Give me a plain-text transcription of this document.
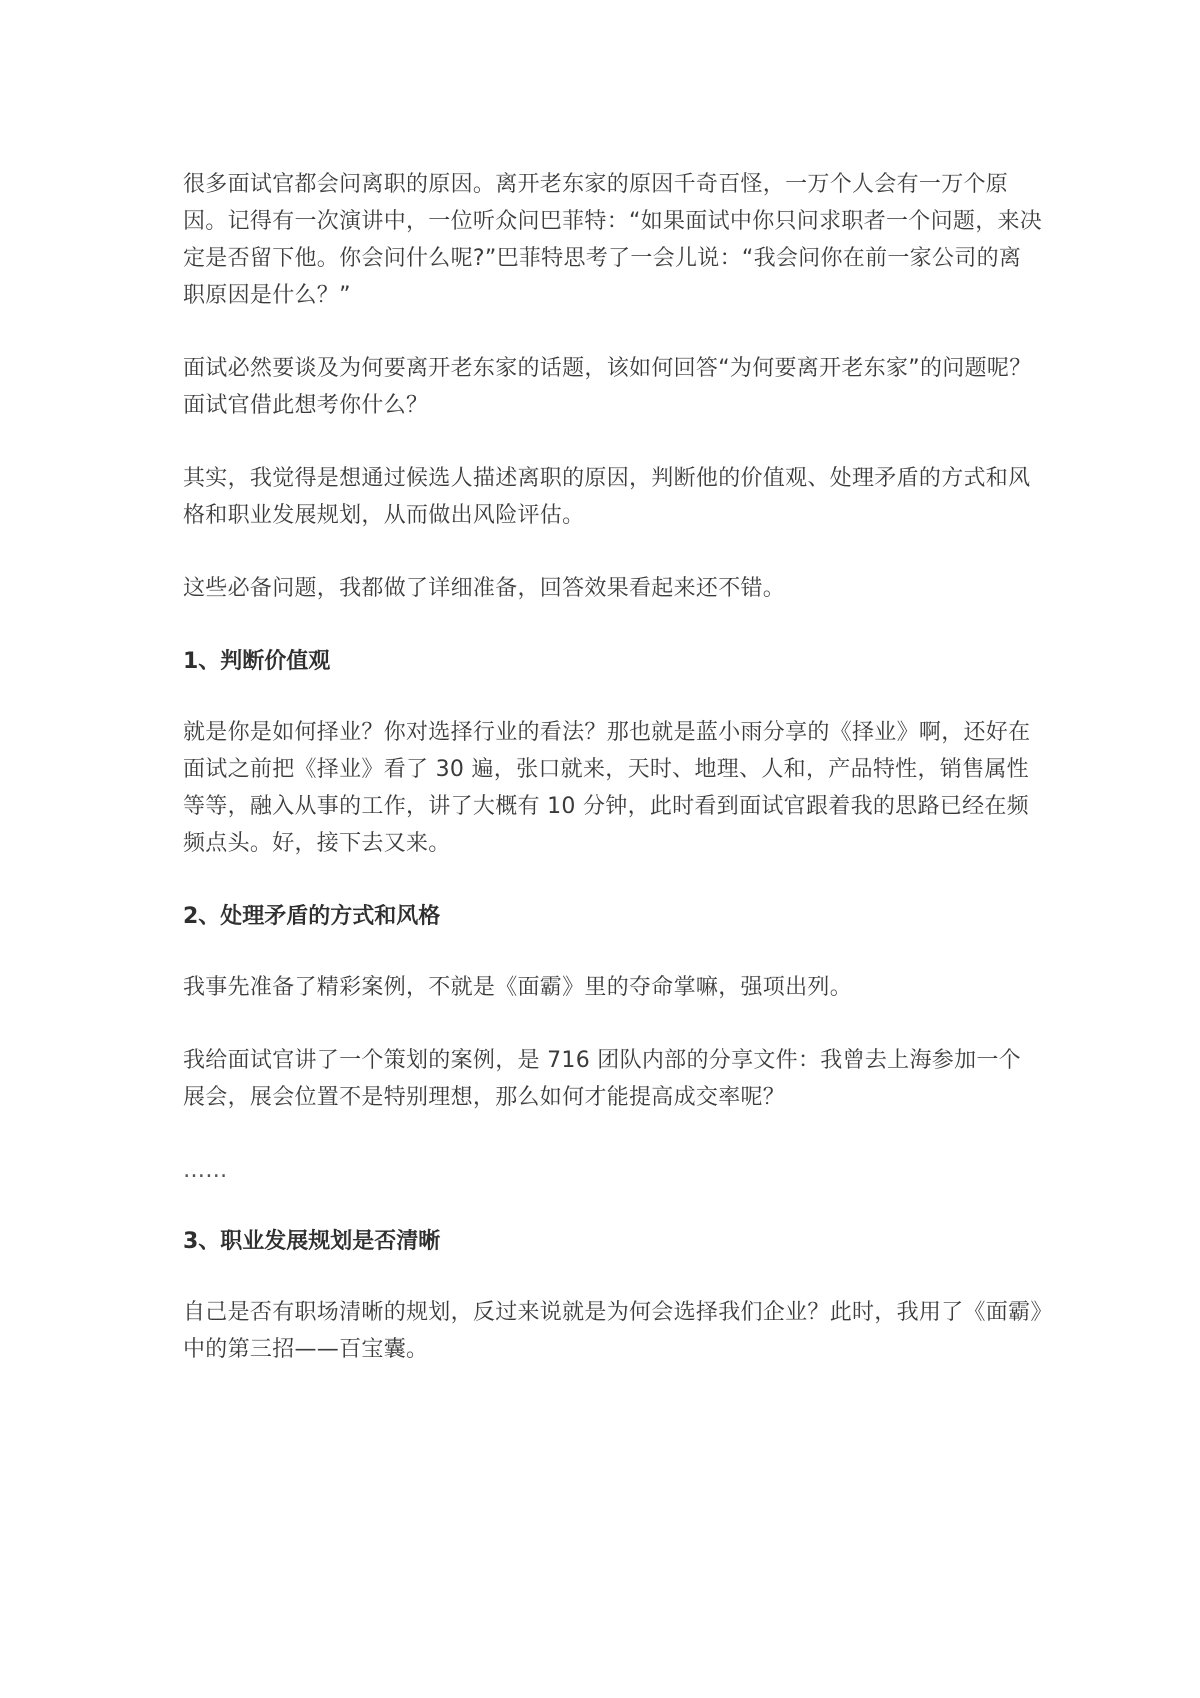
很多面试官都会问离职的原因。离开老东家的原因千奇百怪，一万个人会有一万个原因。记得有一次演讲中，一位听众问巴菲特：“如果面试中你只问求职者一个问题，来决定是否留下他。你会问什么呢?”巴菲特思考了一会儿说：“我会问你在前一家公司的离职原因是什么？”

面试必然要谈及为何要离开老东家的话题，该如何回答“为何要离开老东家”的问题呢？面试官借此想考你什么？

其实，我觉得是想通过候选人描述离职的原因，判断他的价值观、处理矛盾的方式和风格和职业发展规划，从而做出风险评估。

这些必备问题，我都做了详细准备，回答效果看起来还不错。

1、判断价值观

就是你是如何择业？你对选择行业的看法？那也就是蓝小雨分享的《择业》啊，还好在面试之前把《择业》看了 30 遍，张口就来，天时、地理、人和，产品特性，销售属性等等，融入从事的工作，讲了大概有 10 分钟，此时看到面试官跟着我的思路已经在频频点头。好，接下去又来。

2、处理矛盾的方式和风格

我事先准备了精彩案例，不就是《面霸》里的夺命掌嘛，强项出列。

我给面试官讲了一个策划的案例，是 716 团队内部的分享文件：我曾去上海参加一个展会，展会位置不是特别理想，那么如何才能提高成交率呢？

……

3、职业发展规划是否清晰

自己是否有职场清晰的规划，反过来说就是为何会选择我们企业？此时，我用了《面霸》中的第三招——百宝囊。
